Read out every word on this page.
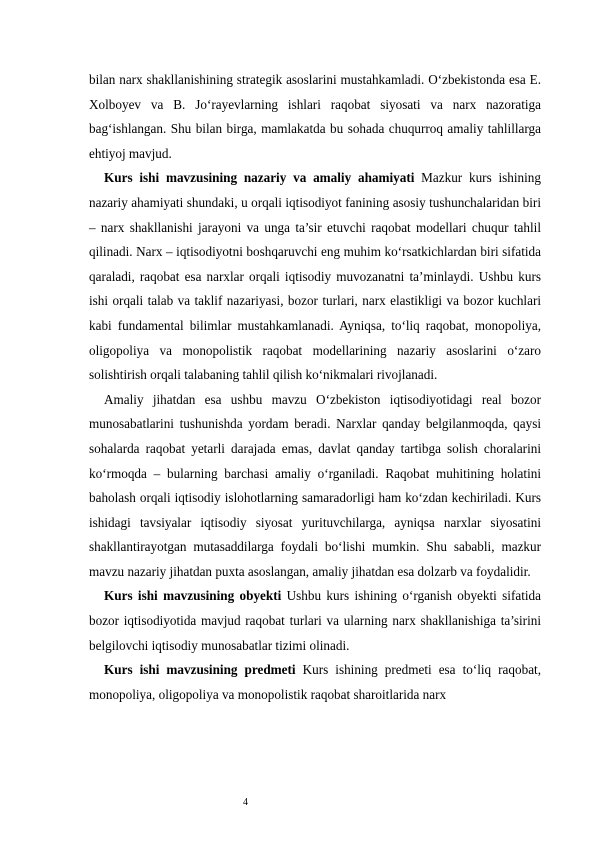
bilan narx shakllanishining strategik asoslarini mustahkamladi. O‘zbekistonda esa E. Xolboyev va B. Jo‘rayevlarning ishlari raqobat siyosati va narx nazoratiga bag‘ishlangan. Shu bilan birga, mamlakatda bu sohada chuqurroq amaliy tahlillarga ehtiyoj mavjud.

Kurs ishi mavzusining nazariy va amaliy ahamiyati Mazkur kurs ishining nazariy ahamiyati shundaki, u orqali iqtisodiyot fanining asosiy tushunchalaridan biri – narx shakllanishi jarayoni va unga ta’sir etuvchi raqobat modellari chuqur tahlil qilinadi. Narx – iqtisodiyotni boshqaruvchi eng muhim ko‘rsatkichlardan biri sifatida qaraladi, raqobat esa narxlar orqali iqtisodiy muvozanatni ta’minlaydi. Ushbu kurs ishi orqali talab va taklif nazariyasi, bozor turlari, narx elastikligi va bozor kuchlari kabi fundamental bilimlar mustahkamlanadi. Ayniqsa, to‘liq raqobat, monopoliya, oligopoliya va monopolistik raqobat modellarining nazariy asoslarini o‘zaro solishtirish orqali talabaning tahlil qilish ko‘nikmalari rivojlanadi.

Amaliy jihatdan esa ushbu mavzu O‘zbekiston iqtisodiyotidagi real bozor munosabatlarini tushunishda yordam beradi. Narxlar qanday belgilanmoqda, qaysi sohalarda raqobat yetarli darajada emas, davlat qanday tartibga solish choralarini ko‘rmoqda – bularning barchasi amaliy o‘rganiladi. Raqobat muhitining holatini baholash orqali iqtisodiy islohotlarning samaradorligi ham ko‘zdan kechiriladi. Kurs ishidagi tavsiyalar iqtisodiy siyosat yurituvchilarga, ayniqsa narxlar siyosatini shakllantirayotgan mutasaddilarga foydali bo‘lishi mumkin. Shu sababli, mazkur mavzu nazariy jihatdan puxta asoslangan, amaliy jihatdan esa dolzarb va foydalidir.

Kurs ishi mavzusining obyekti Ushbu kurs ishining o‘rganish obyekti sifatida bozor iqtisodiyotida mavjud raqobat turlari va ularning narx shakllanishiga ta’sirini belgilovchi iqtisodiy munosabatlar tizimi olinadi.

Kurs ishi mavzusining predmeti Kurs ishining predmeti esa to‘liq raqobat, monopoliya, oligopoliya va monopolistik raqobat sharoitlarida narx

4
